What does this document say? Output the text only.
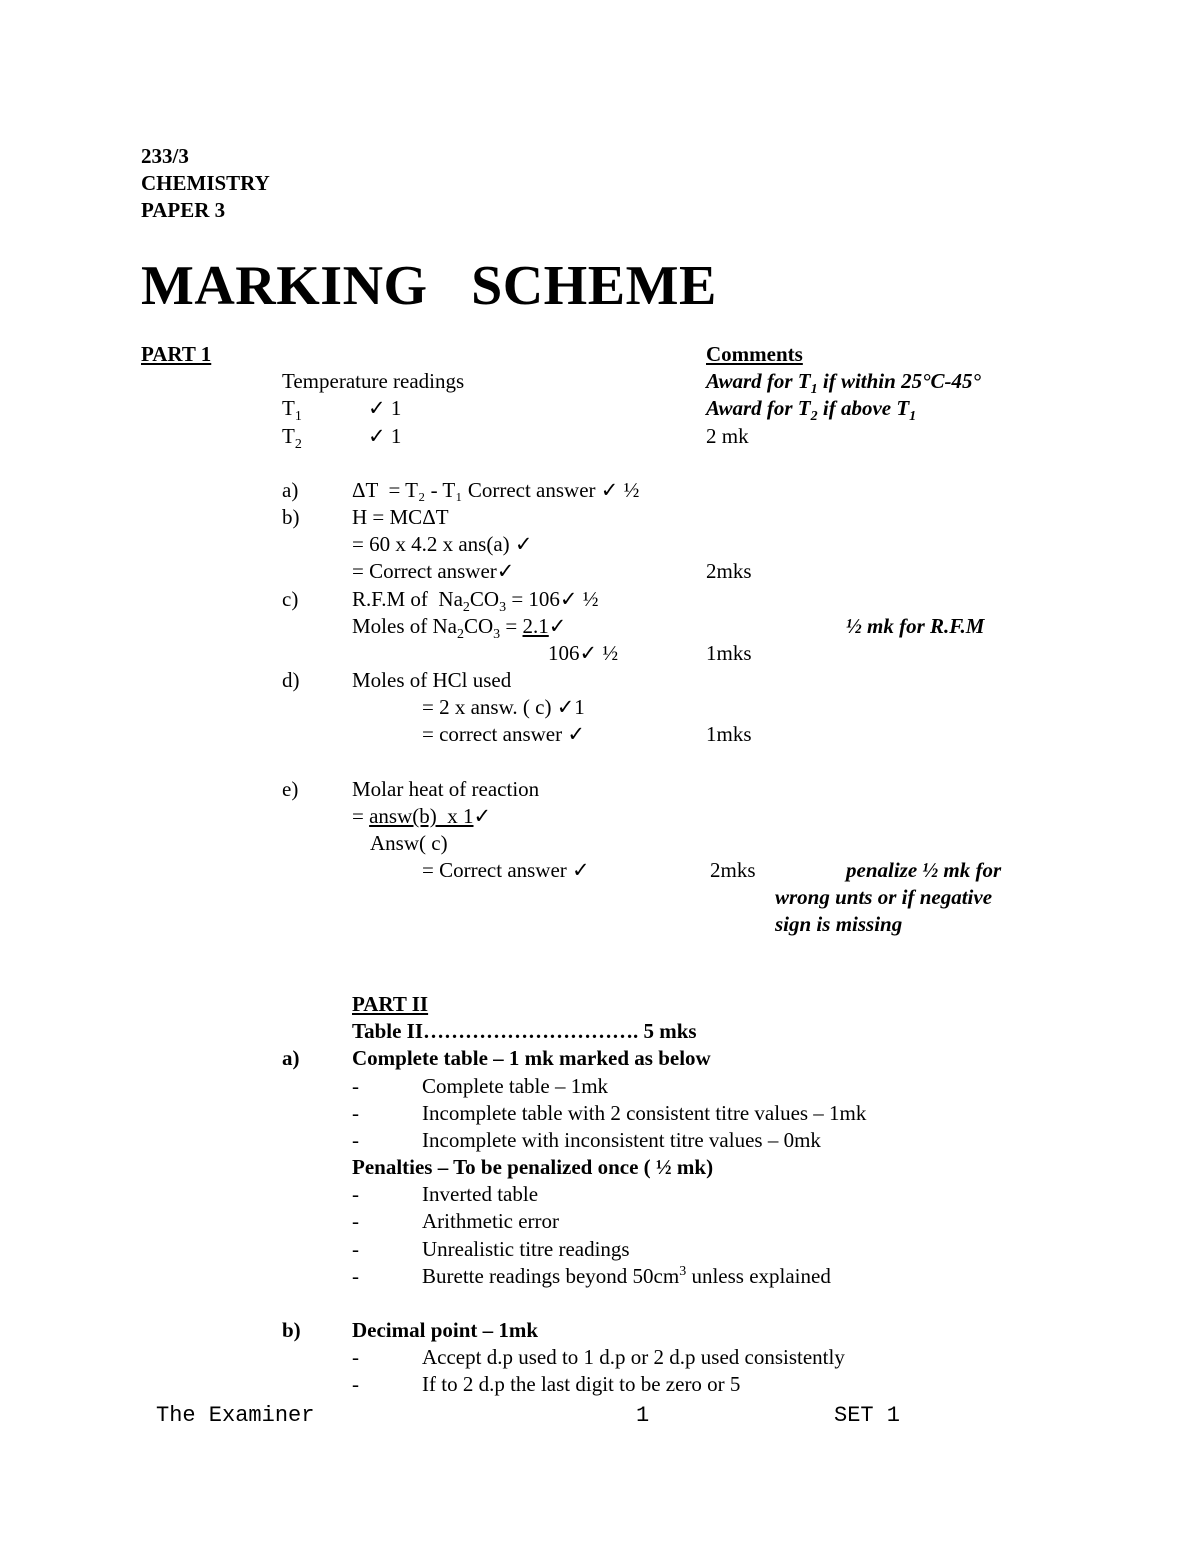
233/3
CHEMISTRY
PAPER 3
MARKING   SCHEME
PART 1	Comments
Temperature readings	Award for $T_1$ if within 25°C-45°
$T_1$	✓ 1	Award for $T_2$ if above $T_1$
$T_2$	✓ 1	2 mk
a)	ΔT  = T₂ - T₁ Correct answer ✓ ½
b)	H = MCΔT
= 60 x 4.2 x ans(a) ✓
= Correct answer✓	2mks
c)	R.F.M of  $Na_2CO_3$ = 106✓ ½
Moles of $Na_2CO_3$ = 2.1✓	½ mk for R.F.M
106✓ ½	1mks
d)	Moles of HCl used
= 2 x answ. ( c) ✓1
= correct answer ✓	1mks
e)	Molar heat of reaction
= answ(b)  x 1✓
Answ( c)
= Correct answer ✓	2mks	penalize ½ mk for
wrong unts or if negative
sign is missing
PART II
Table II…………………………. 5 mks
a)	Complete table – 1 mk marked as below
-	Complete table – 1mk
-	Incomplete table with 2 consistent titre values – 1mk
-	Incomplete with inconsistent titre values – 0mk
Penalties – To be penalized once ( ½ mk)
-	Inverted table
-	Arithmetic error
-	Unrealistic titre readings
-	Burette readings beyond $50cm^3$ unless explained
b) Decimal point – 1mk
-	Accept d.p used to 1 d.p or 2 d.p used consistently
-	If to 2 d.p the last digit to be zero or 5
The Examiner	1	SET 1
